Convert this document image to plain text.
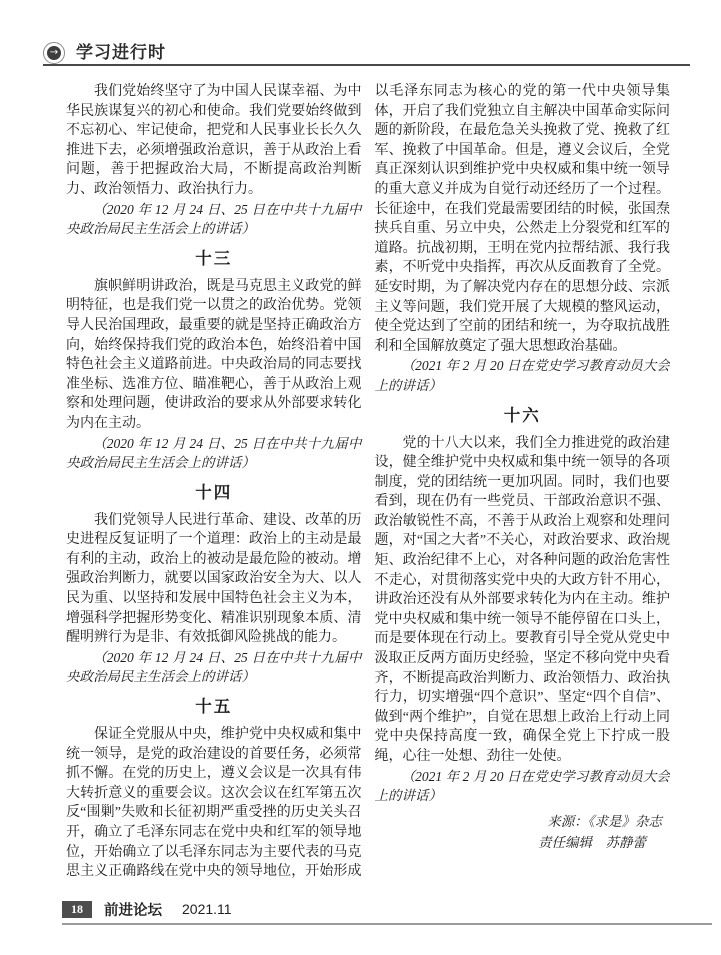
→ 学习进行时

我们党始终坚守了为中国人民谋幸福、为中华民族谋复兴的初心和使命。我们党要始终做到不忘初心、牢记使命，把党和人民事业长长久久推进下去，必须增强政治意识，善于从政治上看问题，善于把握政治大局，不断提高政治判断力、政治领悟力、政治执行力。

（2020 年 12 月 24 日、25 日在中共十九届中央政治局民主生活会上的讲话）

十三

旗帜鲜明讲政治，既是马克思主义政党的鲜明特征，也是我们党一以贯之的政治优势。党领导人民治国理政，最重要的就是坚持正确政治方向，始终保持我们党的政治本色，始终沿着中国特色社会主义道路前进。中央政治局的同志要找准坐标、选准方位、瞄准靶心，善于从政治上观察和处理问题，使讲政治的要求从外部要求转化为内在主动。

（2020 年 12 月 24 日、25 日在中共十九届中央政治局民主生活会上的讲话）

十四

我们党领导人民进行革命、建设、改革的历史进程反复证明了一个道理：政治上的主动是最有利的主动，政治上的被动是最危险的被动。增强政治判断力，就要以国家政治安全为大、以人民为重、以坚持和发展中国特色社会主义为本，增强科学把握形势变化、精准识别现象本质、清醒明辨行为是非、有效抵御风险挑战的能力。

（2020 年 12 月 24 日、25 日在中共十九届中央政治局民主生活会上的讲话）

十五

保证全党服从中央，维护党中央权威和集中统一领导，是党的政治建设的首要任务，必须常抓不懈。在党的历史上，遵义会议是一次具有伟大转折意义的重要会议。这次会议在红军第五次反“围剿”失败和长征初期严重受挫的历史关头召开，确立了毛泽东同志在党中央和红军的领导地位，开始确立了以毛泽东同志为主要代表的马克思主义正确路线在党中央的领导地位，开始形成以毛泽东同志为核心的党的第一代中央领导集体，开启了我们党独立自主解决中国革命实际问题的新阶段，在最危急关头挽救了党、挽救了红军、挽救了中国革命。但是，遵义会议后，全党真正深刻认识到维护党中央权威和集中统一领导的重大意义并成为自觉行动还经历了一个过程。长征途中，在我们党最需要团结的时候，张国焘挟兵自重、另立中央，公然走上分裂党和红军的道路。抗战初期，王明在党内拉帮结派、我行我素，不听党中央指挥，再次从反面教育了全党。延安时期，为了解决党内存在的思想分歧、宗派主义等问题，我们党开展了大规模的整风运动，使全党达到了空前的团结和统一，为夺取抗战胜利和全国解放奠定了强大思想政治基础。

（2021 年 2 月 20 日在党史学习教育动员大会上的讲话）

十六

党的十八大以来，我们全力推进党的政治建设，健全维护党中央权威和集中统一领导的各项制度，党的团结统一更加巩固。同时，我们也要看到，现在仍有一些党员、干部政治意识不强、政治敏锐性不高，不善于从政治上观察和处理问题，对“国之大者”不关心，对政治要求、政治规矩、政治纪律不上心，对各种问题的政治危害性不走心，对贯彻落实党中央的大政方针不用心，讲政治还没有从外部要求转化为内在主动。维护党中央权威和集中统一领导不能停留在口头上，而是要体现在行动上。要教育引导全党从党史中汲取正反两方面历史经验，坚定不移向党中央看齐，不断提高政治判断力、政治领悟力、政治执行力，切实增强“四个意识”、坚定“四个自信”、做到“两个维护”，自觉在思想上政治上行动上同党中央保持高度一致，确保全党上下拧成一股绳，心往一处想、劲往一处使。

（2021 年 2 月 20 日在党史学习教育动员大会上的讲话）

来源：《求是》杂志

责任编辑　苏静蕾

18	前进论坛 2021.11
